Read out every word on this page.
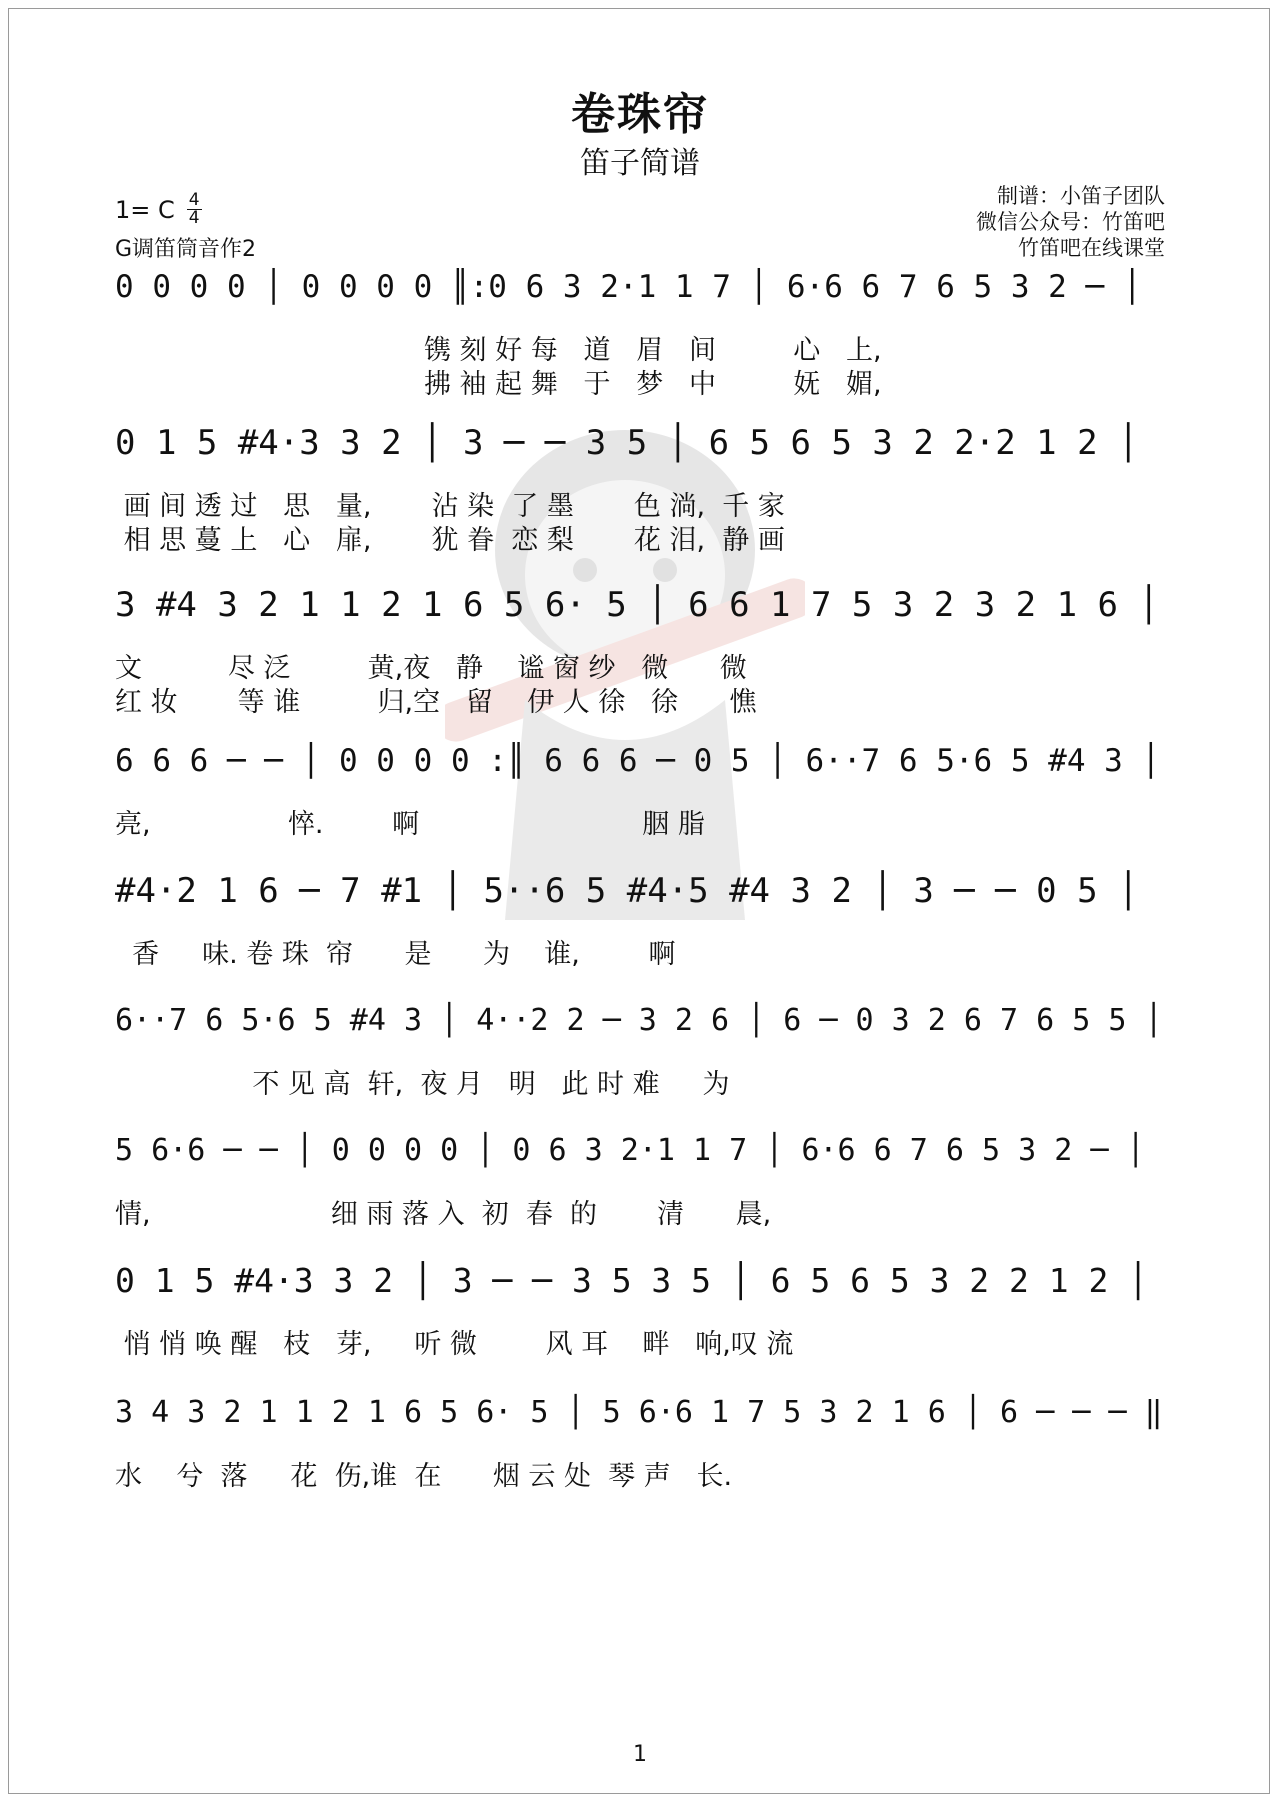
卷珠帘
笛子简谱
1= C 4
4
G调笛筒音作2
制谱：小笛子团队
微信公众号：竹笛吧
竹笛吧在线课堂
0 0 0 0 │ 0 0 0 0 ║:0 6 3 2·1 1 7 │ 6·6 6 7 6 5 3 2 ─ │
镌 刻 好 每   道   眉   间         心   上,
拂 袖 起 舞   于   梦   中         妩   媚,
0 1 5 #4·3 3 2 │ 3 ─ ─ 3 5 │ 6 5 6 5 3 2 2·2 1 2 │
画 间 透 过   思   量,       沾 染  了 墨       色 淌,  千 家
相 思 蔓 上   心   扉,       犹 眷  恋 梨       花 泪,  静 画
3 #4 3 2 1 1 2 1 6 5 6· 5 │ 6 6 1 7 5 3 2 3 2 1 6 │
文          尽 泛         黄,夜   静    谧 窗 纱   微      微
红 妆       等 谁         归,空   留    伊 人 徐   徐      憔
6 6 6 ─ ─ │ 0 0 0 0 :║ 6 6 6 ─ 0 5 │ 6··7 6 5·6 5 #4 3 │
亮,                悴.        啊                          胭 脂
#4·2 1 6 ─ 7 #1 │ 5··6 5 #4·5 #4 3 2 │ 3 ─ ─ 0 5 │
香     味. 卷 珠  帘      是      为    谁,        啊
6··7 6 5·6 5 #4 3 │ 4··2 2 ─ 3 2 6 │ 6 ─ 0 3 2 6 7 6 5 5 │
不 见 高  轩,  夜 月   明   此 时 难     为
5 6·6 ─ ─ │ 0 0 0 0 │ 0 6 3 2·1 1 7 │ 6·6 6 7 6 5 3 2 ─ │
情,                     细 雨 落 入  初  春  的       清      晨,
0 1 5 #4·3 3 2 │ 3 ─ ─ 3 5 3 5 │ 6 5 6 5 3 2 2 1 2 │
悄 悄 唤 醒   枝   芽,     听 微        风 耳    畔   响,叹 流
3 4 3 2 1 1 2 1 6 5 6· 5 │ 5 6·6 1 7 5 3 2 1 6 │ 6 ─ ─ ─ ‖
水    兮  落     花  伤,谁  在      烟 云 处  琴 声   长.
1
